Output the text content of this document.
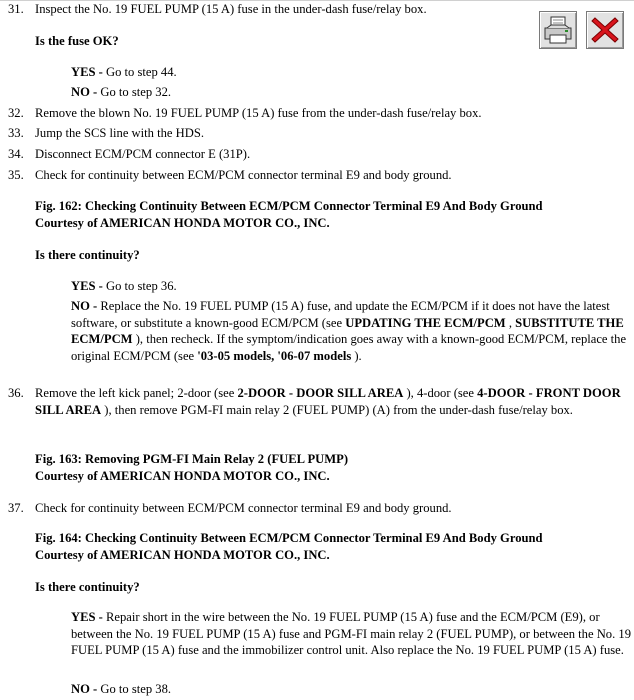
31. Inspect the No. 19 FUEL PUMP (15 A) fuse in the under-dash fuse/relay box.
Is the fuse OK?
YES - Go to step 44.
NO - Go to step 32.
32. Remove the blown No. 19 FUEL PUMP (15 A) fuse from the under-dash fuse/relay box.
33. Jump the SCS line with the HDS.
34. Disconnect ECM/PCM connector E (31P).
35. Check for continuity between ECM/PCM connector terminal E9 and body ground.
Fig. 162: Checking Continuity Between ECM/PCM Connector Terminal E9 And Body Ground
Courtesy of AMERICAN HONDA MOTOR CO., INC.
Is there continuity?
YES - Go to step 36.
NO - Replace the No. 19 FUEL PUMP (15 A) fuse, and update the ECM/PCM if it does not have the latest software, or substitute a known-good ECM/PCM (see UPDATING THE ECM/PCM , SUBSTITUTE THE ECM/PCM ), then recheck. If the symptom/indication goes away with a known-good ECM/PCM, replace the original ECM/PCM (see '03-05 models, '06-07 models ).
36. Remove the left kick panel; 2-door (see 2-DOOR - DOOR SILL AREA ), 4-door (see 4-DOOR - FRONT DOOR SILL AREA ), then remove PGM-FI main relay 2 (FUEL PUMP) (A) from the under-dash fuse/relay box.
Fig. 163: Removing PGM-FI Main Relay 2 (FUEL PUMP)
Courtesy of AMERICAN HONDA MOTOR CO., INC.
37. Check for continuity between ECM/PCM connector terminal E9 and body ground.
Fig. 164: Checking Continuity Between ECM/PCM Connector Terminal E9 And Body Ground
Courtesy of AMERICAN HONDA MOTOR CO., INC.
Is there continuity?
YES - Repair short in the wire between the No. 19 FUEL PUMP (15 A) fuse and the ECM/PCM (E9), or between the No. 19 FUEL PUMP (15 A) fuse and PGM-FI main relay 2 (FUEL PUMP), or between the No. 19 FUEL PUMP (15 A) fuse and the immobilizer control unit. Also replace the No. 19 FUEL PUMP (15 A) fuse.
NO - Go to step 38.
